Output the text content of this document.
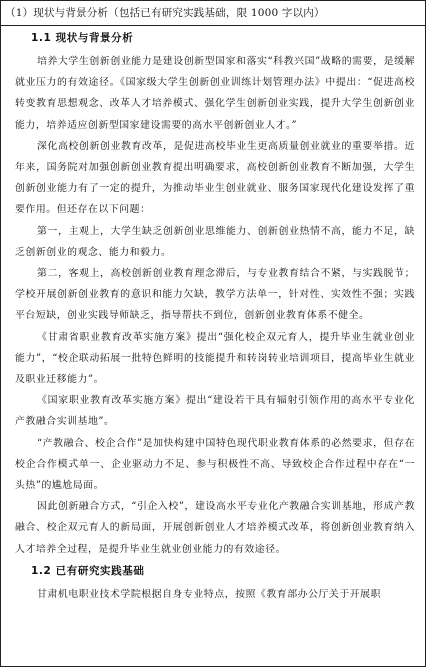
（1）现状与背景分析（包括已有研究实践基础，限 1000 字以内）
1.1 现状与背景分析

培养大学生创新创业能力是建设创新型国家和落实“科教兴国”战略的需要，是缓解就业压力的有效途径。《国家级大学生创新创业训练计划管理办法》中提出：“促进高校转变教育思想观念、改革人才培养模式、强化学生创新创业实践，提升大学生创新创业能力，培养适应创新型国家建设需要的高水平创新创业人才。”

深化高校创新创业教育改革，是促进高校毕业生更高质量创业就业的重要举措。近年来，国务院对加强创新创业教育提出明确要求，高校创新创业教育不断加强，大学生创新创业能力有了一定的提升，为推动毕业生创业就业、服务国家现代化建设发挥了重要作用。但还存在以下问题：

第一，主观上，大学生缺乏创新创业思维能力、创新创业热情不高，能力不足，缺乏创新创业的观念、能力和毅力。

第二，客观上，高校创新创业教育理念滞后，与专业教育结合不紧，与实践脱节；学校开展创新创业教育的意识和能力欠缺，教学方法单一，针对性、实效性不强；实践平台短缺，创业实践导师缺乏，指导帮扶不到位，创新创业教育体系不健全。

《甘肃省职业教育改革实施方案》提出“强化校企双元育人，提升毕业生就业创业能力”，“校企联动拓展一批特色鲜明的技能提升和转岗转业培训项目，提高毕业生就业及职业迁移能力”。

《国家职业教育改革实施方案》提出“建设若干具有辐射引领作用的高水平专业化产教融合实训基地”。

“产教融合、校企合作”是加快构建中国特色现代职业教育体系的必然要求，但存在校企合作模式单一、企业驱动力不足、参与积极性不高、导致校企合作过程中存在“一头热”的尴尬局面。

因此创新融合方式，“引企入校”，建设高水平专业化产教融合实训基地，形成产教融合、校企双元育人的新局面，开展创新创业人才培养模式改革，将创新创业教育纳入人才培养全过程，是提升毕业生就业创业能力的有效途径。

1.2 已有研究实践基础

甘肃机电职业技术学院根据自身专业特点，按照《教育部办公厅关于开展职
